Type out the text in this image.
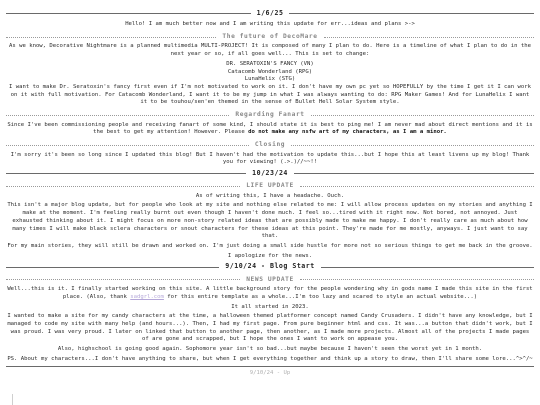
1/6/25

Hello! I am much better now and I am writing this update for err...ideas and plans >->

The future of DecoMare

As we know, Decorative Nightmare is a planned multimedia MULTI-PROJECT! It is composed of many I plan to do. Here is a timeline of what I plan to do in the next year or so, if all goes well... This is set to change:

DR. SERATOXIN'S FANCY (VN)
Catacomb Wonderland (RPG)
LunaHelix (STG)

I want to make Dr. Seratoxin's fancy first even if I'm not motivated to work on it. I don't have my own pc yet so HOPEFULLY by the time I get it I can work on it with full motivation. For Catacomb Wonderland, I want it to be my jump in what I was always wanting to do: RPG Maker Games! And for LunaHelix I want it to be touhou/sen'en themed in the sense of Bullet Hell Solar System style.

Regarding Fanart

Since I've been commissioning people and receiving fanart of some kind, I should state it is best to ping me! I am never mad about direct mentions and it is the best to get my attention! However. Please do not make any nsfw art of my characters, as I am a minor.

Closing

I'm sorry it's been so long since I updated this blog! But I haven't had the motivation to update this...but I hope this at least livens up my blog! Thank you for viewing! (.>.)//~~!!

10/23/24
LIFE UPDATE

As of writing this, I have a headache. Ouch.

This isn't a major blog update, but for people who look at my site and nothing else related to me: I will allow process updates on my stories and anything I make at the moment. I'm feeling really burnt out even though I haven't done much. I feel so...tired with it right now. Not bored, not annoyed. Just exhausted thinking about it. I might focus on more non-story related ideas that are possibly made to make me happy. I don't really care as much about how many times I will make black sclera characters or snout characters for these ideas at this point. They're made for me mostly, anyways. I just want to say that.

For my main stories, they will still be drawn and worked on. I'm just doing a small side hustle for more not so serious things to get me back in the groove.

I apologize for the news.

9/10/24 - Blog Start
NEWS UPDATE

Well...this is it. I finally started working on this site. A little background story for the people wondering why in gods name I made this site in the first place. (Also, thank sadgrl.com for this entire template as a whole...I'm too lazy and scared to style an actual website...)

It all started in 2023.

I wanted to make a site for my candy characters at the time, a halloween themed platformer concept named Candy Crusaders. I didn't have any knowledge, but I managed to code my site with many help (and hours...). Then, I had my first page. From pure beginner html and css. It was...a button that didn't work, but I was proud. I was very proud. I later on linked that button to another page, then another, as I made more projects. Almost all of the projects I made pages of are gone and scrapped, but I hope the ones I want to work on appease you.

Also, highschool is going good again. Sophomore year isn't so bad...but maybe because I haven't seen the worst yet in 1 month.

PS. About my characters...I don't have anything to share, but when I get everything together and think up a story to draw, then I'll share some lore...^>^/~

9/10/24 - Up
